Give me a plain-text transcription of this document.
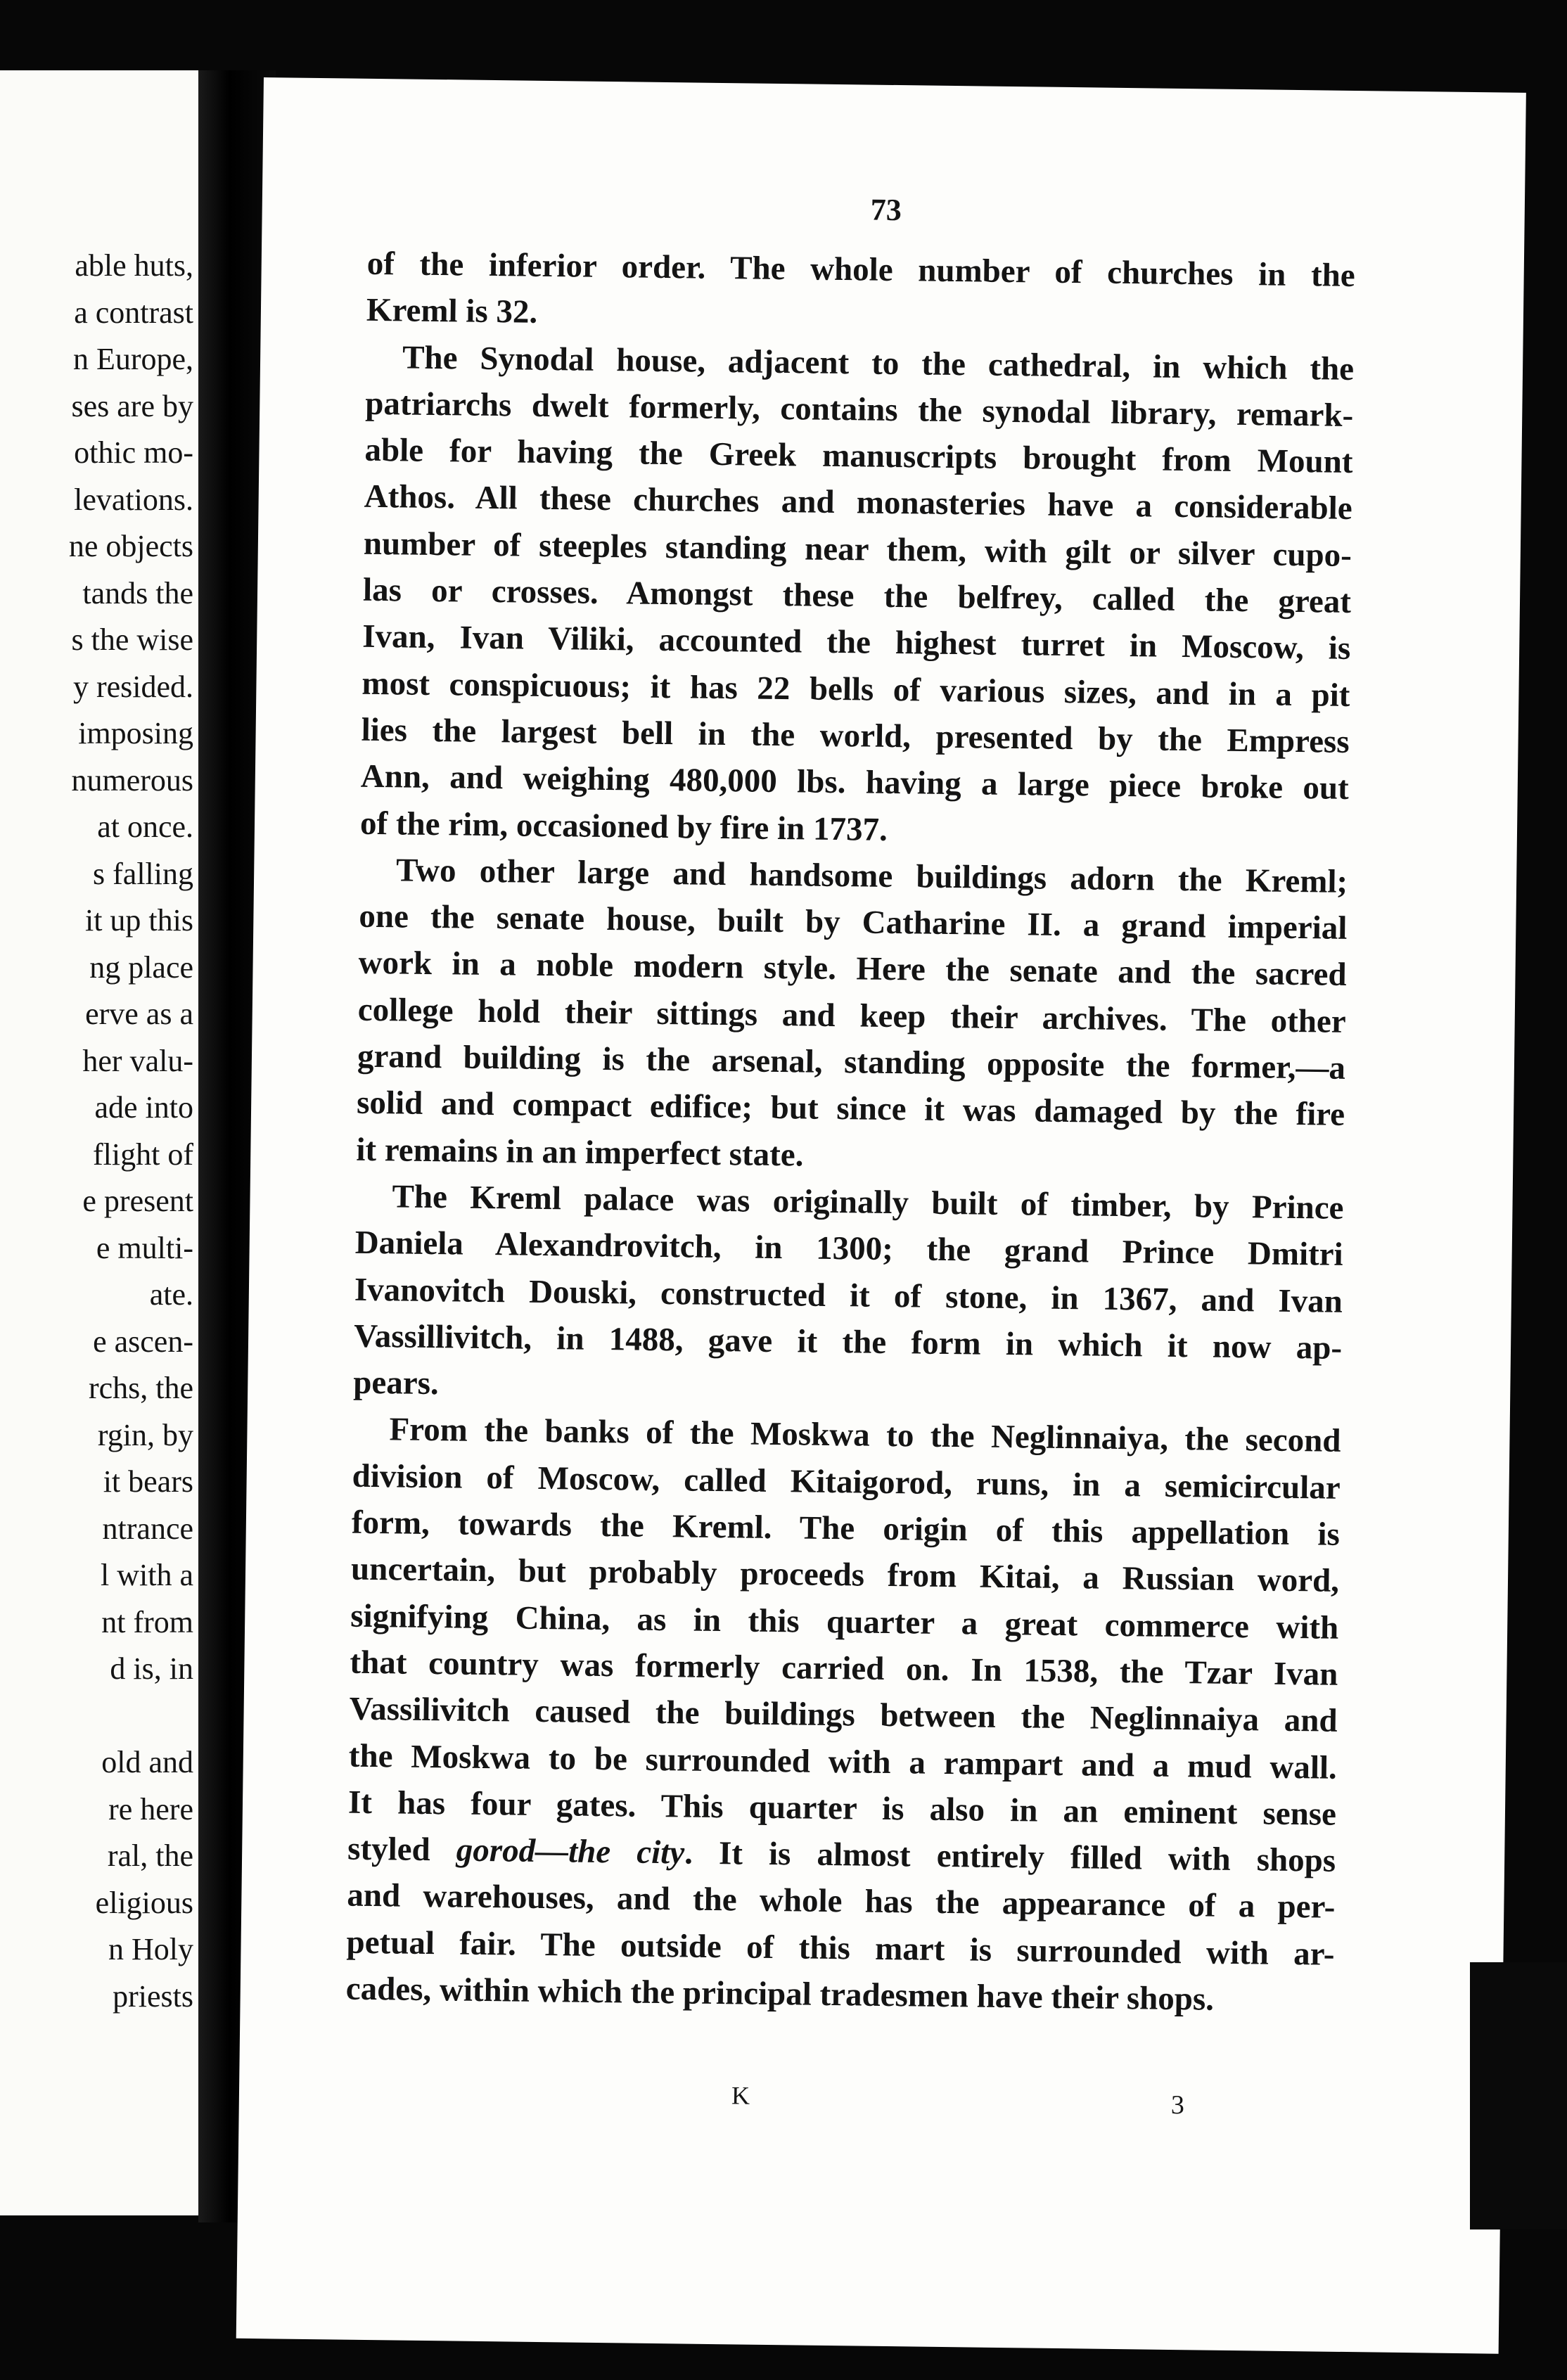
able huts,
a contrast
n Europe,
ses are by
othic mo-
levations.
ne objects
tands the
s the wise
y resided.
imposing
numerous
at once.
s falling
it up this
ng place
erve as a
her valu-
ade into
flight of
e present
e multi-
ate.
e ascen-
rchs, the
rgin, by
it bears
ntrance
l with a
nt from
d is, in

old and
re here
ral, the
eligious
n Holy
priests
73
of the inferior order. The whole number of churches in the
Kreml is 32.
The Synodal house, adjacent to the cathedral, in which the
patriarchs dwelt formerly, contains the synodal library, remark-
able for having the Greek manuscripts brought from Mount
Athos. All these churches and monasteries have a considerable
number of steeples standing near them, with gilt or silver cupo-
las or crosses. Amongst these the belfrey, called the great
Ivan, Ivan Viliki, accounted the highest turret in Moscow, is
most conspicuous; it has 22 bells of various sizes, and in a pit
lies the largest bell in the world, presented by the Empress
Ann, and weighing 480,000 lbs. having a large piece broke out
of the rim, occasioned by fire in 1737.
Two other large and handsome buildings adorn the Kreml;
one the senate house, built by Catharine II. a grand imperial
work in a noble modern style. Here the senate and the sacred
college hold their sittings and keep their archives. The other
grand building is the arsenal, standing opposite the former,—a
solid and compact edifice; but since it was damaged by the fire
it remains in an imperfect state.
The Kreml palace was originally built of timber, by Prince
Daniela Alexandrovitch, in 1300; the grand Prince Dmitri
Ivanovitch Douski, constructed it of stone, in 1367, and Ivan
Vassillivitch, in 1488, gave it the form in which it now ap-
pears.
From the banks of the Moskwa to the Neglinnaiya, the second
division of Moscow, called Kitaigorod, runs, in a semicircular
form, towards the Kreml. The origin of this appellation is
uncertain, but probably proceeds from Kitai, a Russian word,
signifying China, as in this quarter a great commerce with
that country was formerly carried on. In 1538, the Tzar Ivan
Vassilivitch caused the buildings between the Neglinnaiya and
the Moskwa to be surrounded with a rampart and a mud wall.
It has four gates. This quarter is also in an eminent sense
styled gorod—the city. It is almost entirely filled with shops
and warehouses, and the whole has the appearance of a per-
petual fair. The outside of this mart is surrounded with ar-
cades, within which the principal tradesmen have their shops.
K	3
